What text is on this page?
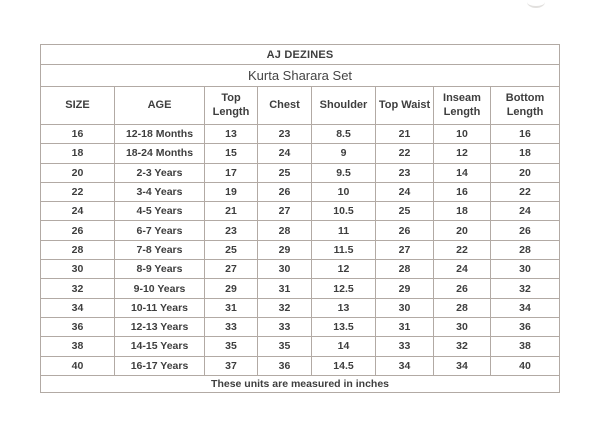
AJ DEZINES							
Kurta Sharara Set							
SIZE	AGE	Top Length	Chest	Shoulder	Top Waist	Inseam Length	Bottom Length
16	12-18 Months	13	23	8.5	21	10	16
18	18-24 Months	15	24	9	22	12	18
20	2-3 Years	17	25	9.5	23	14	20
22	3-4 Years	19	26	10	24	16	22
24	4-5 Years	21	27	10.5	25	18	24
26	6-7 Years	23	28	11	26	20	26
28	7-8 Years	25	29	11.5	27	22	28
30	8-9 Years	27	30	12	28	24	30
32	9-10 Years	29	31	12.5	29	26	32
34	10-11 Years	31	32	13	30	28	34
36	12-13 Years	33	33	13.5	31	30	36
38	14-15 Years	35	35	14	33	32	38
40	16-17 Years	37	36	14.5	34	34	40
These units are measured in inches							
